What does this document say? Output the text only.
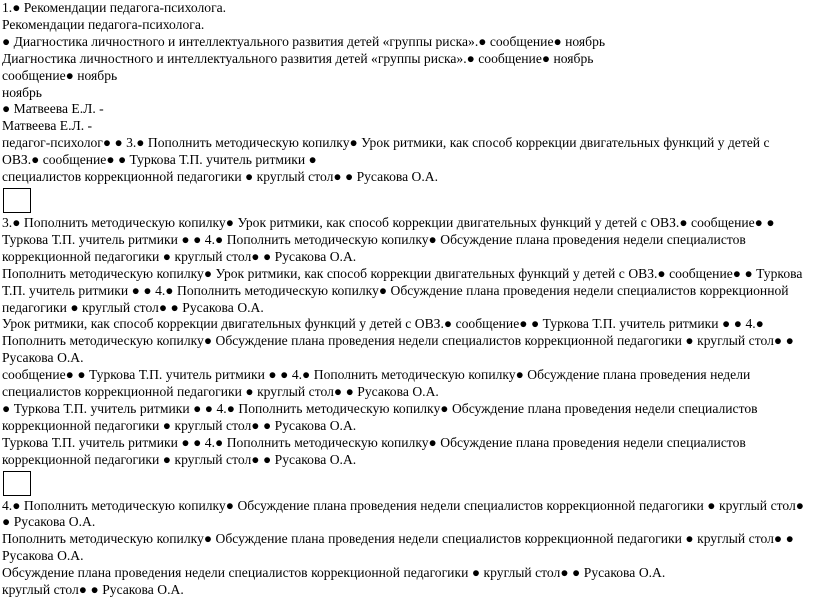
1.● Рекомендации педагога-психолога.
Рекомендации педагога-психолога.
● Диагностика личностного и интеллектуального развития детей «группы риска».● сообщение● ноябрь
Диагностика личностного и интеллектуального развития детей «группы риска».● сообщение● ноябрь
сообщение● ноябрь
ноябрь
● Матвеева Е.Л. -
Матвеева Е.Л. -
педагог-психолог● ● 3.● Пополнить методическую копилку● Урок ритмики, как способ коррекции двигательных функций у детей с
ОВЗ.● сообщение● ● Туркова Т.П. учитель ритмики ●
специалистов коррекционной педагогики ● круглый стол● ● Русакова О.А.
3.● Пополнить методическую копилку● Урок ритмики, как способ коррекции двигательных функций у детей с ОВЗ.● сообщение● ● Туркова Т.П. учитель ритмики ● ● 4.● Пополнить методическую копилку● Обсуждение плана проведения недели специалистов коррекционной педагогики ● круглый стол● ● Русакова О.А.
Пополнить методическую копилку● Урок ритмики, как способ коррекции двигательных функций у детей с ОВЗ.● сообщение● ● Туркова Т.П. учитель ритмики ● ● 4.● Пополнить методическую копилку● Обсуждение плана проведения недели специалистов коррекционной педагогики ● круглый стол● ● Русакова О.А.
Урок ритмики, как способ коррекции двигательных функций у детей с ОВЗ.● сообщение● ● Туркова Т.П. учитель ритмики ● ● 4.● Пополнить методическую копилку● Обсуждение плана проведения недели специалистов коррекционной педагогики ● круглый стол● ● Русакова О.А.
сообщение● ● Туркова Т.П. учитель ритмики ● ● 4.● Пополнить методическую копилку● Обсуждение плана проведения недели специалистов коррекционной педагогики ● круглый стол● ● Русакова О.А.
● Туркова Т.П. учитель ритмики ● ● 4.● Пополнить методическую копилку● Обсуждение плана проведения недели специалистов коррекционной педагогики ● круглый стол● ● Русакова О.А.
Туркова Т.П. учитель ритмики ● ● 4.● Пополнить методическую копилку● Обсуждение плана проведения недели специалистов коррекционной педагогики ● круглый стол● ● Русакова О.А.
4.● Пополнить методическую копилку● Обсуждение плана проведения недели специалистов коррекционной педагогики ● круглый стол● ● Русакова О.А.
Пополнить методическую копилку● Обсуждение плана проведения недели специалистов коррекционной педагогики ● круглый стол● ● Русакова О.А.
Обсуждение плана проведения недели специалистов коррекционной педагогики ● круглый стол● ● Русакова О.А.
круглый стол● ● Русакова О.А.
